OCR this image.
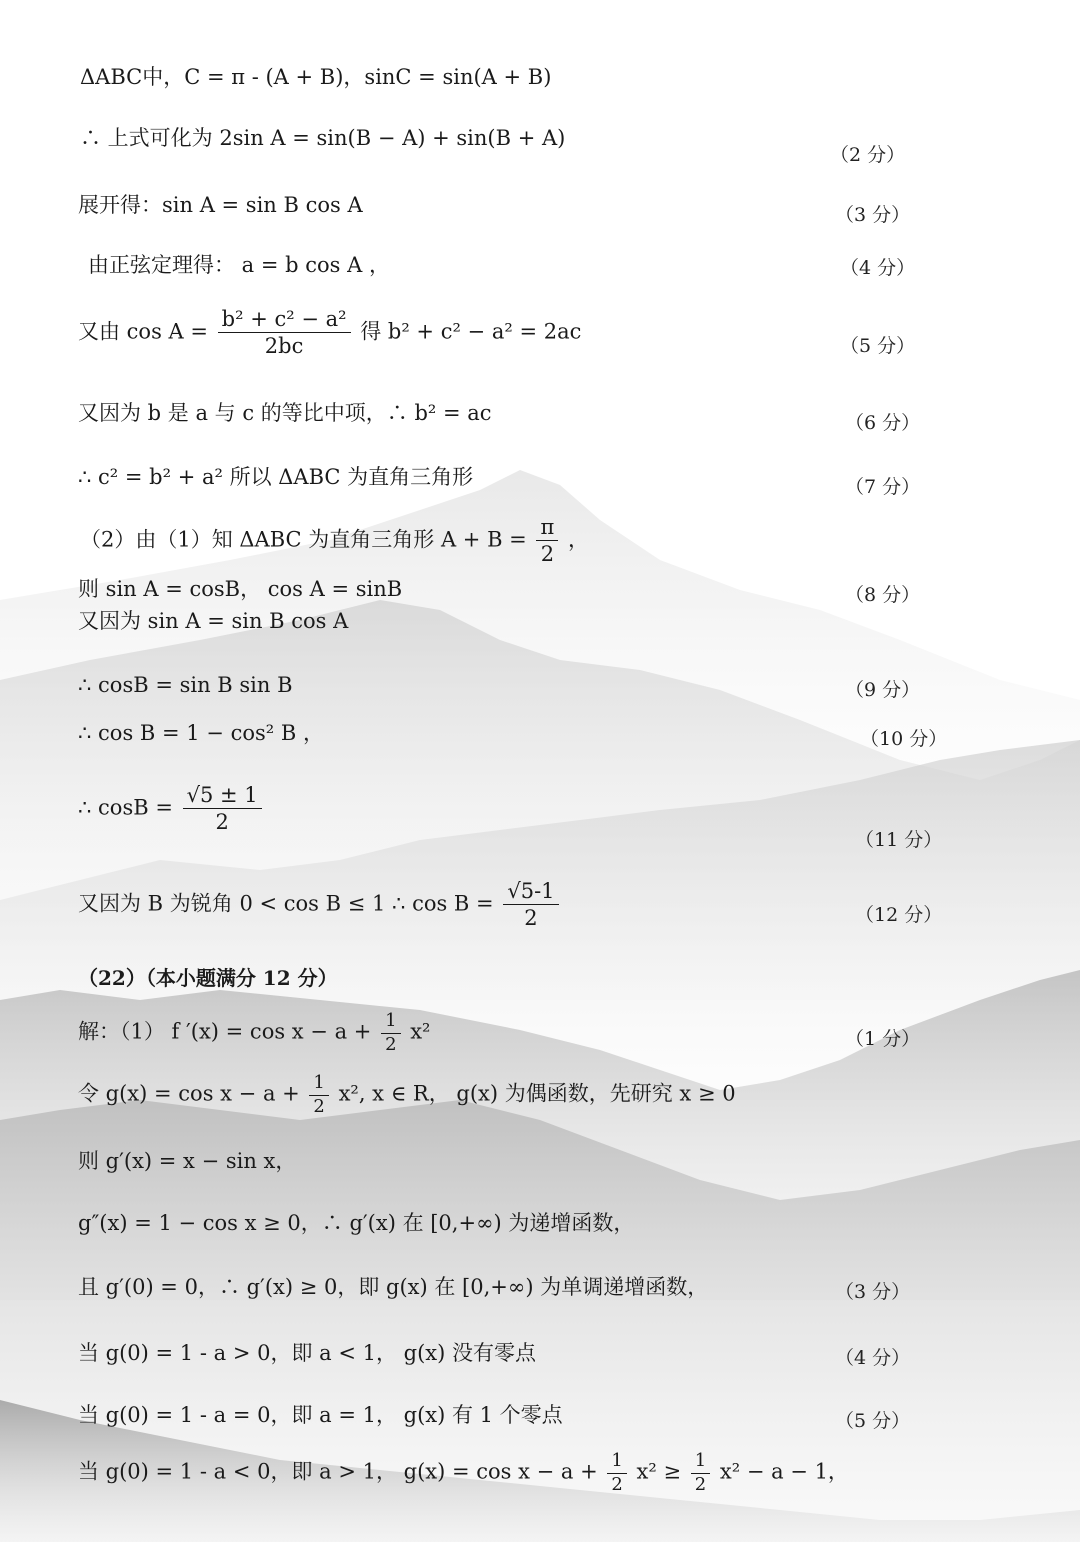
ΔABC中，C = π - (A + B)，sinC = sin(A + B)
∴ 上式可化为 2sin A = sin(B − A) + sin(B + A)
（2 分）
展开得：sin A = sin B cos A	（3 分）
由正弦定理得： a = b cos A ，	（4 分）
又由 $\cos A = \frac{\text{b² + c² − a²}}{2bc}$ 得 b² + c² − a² = 2ac
（5 分）
又因为 b 是 a 与 c 的等比中项，∴ b² = ac	（6 分）
∴ c² = b² + a² 所以 ΔABC 为直角三角形	（7 分）
（2）由（1）知 ΔABC 为直角三角形 $A + B = \frac{\pi}{2}$ ，
则 sin A = cosB， cos A = sinB	（8 分）
又因为 sin A = sin B cos A
∴ cosB = sin B sin B	（9 分）
∴ cos B = 1 − cos² B ，	（10 分）
∴ $\cos B = \frac{√5 \pm 1}{2}$
（11 分）
又因为 B 为锐角 0 < cos B ≤ 1 ∴ $\cos B = \frac{√5-1}{2}$	（12 分）
（22）（本小题满分 12 分）
解：（1） f $'(x) = \cos x - a + \frac{1}{2} x^2$	（1 分）
令 $g(x) = \cos x - a + \frac{1}{2} x^2$, x ∈ R， g(x) 为偶函数，先研究 x ≥ 0
则 g′(x) = x − sin x，
g″(x) = 1 − cos x ≥ 0，∴ g′(x) 在 [0,+∞) 为递增函数，
且 g′(0) = 0，∴ g′(x) ≥ 0，即 g(x) 在 [0,+∞) 为单调递增函数，	（3 分）
当 g(0) = 1 - a > 0，即 a < 1， g(x) 没有零点	（4 分）
当 g(0) = 1 - a = 0，即 a = 1， g(x) 有 1 个零点	（5 分）
当 g(0) = 1 - a < 0，即 a > 1， $g(x) = \cos x - a + \frac{1}{2} x^2 \ge \frac{1}{2} x^2 - a - 1$，
